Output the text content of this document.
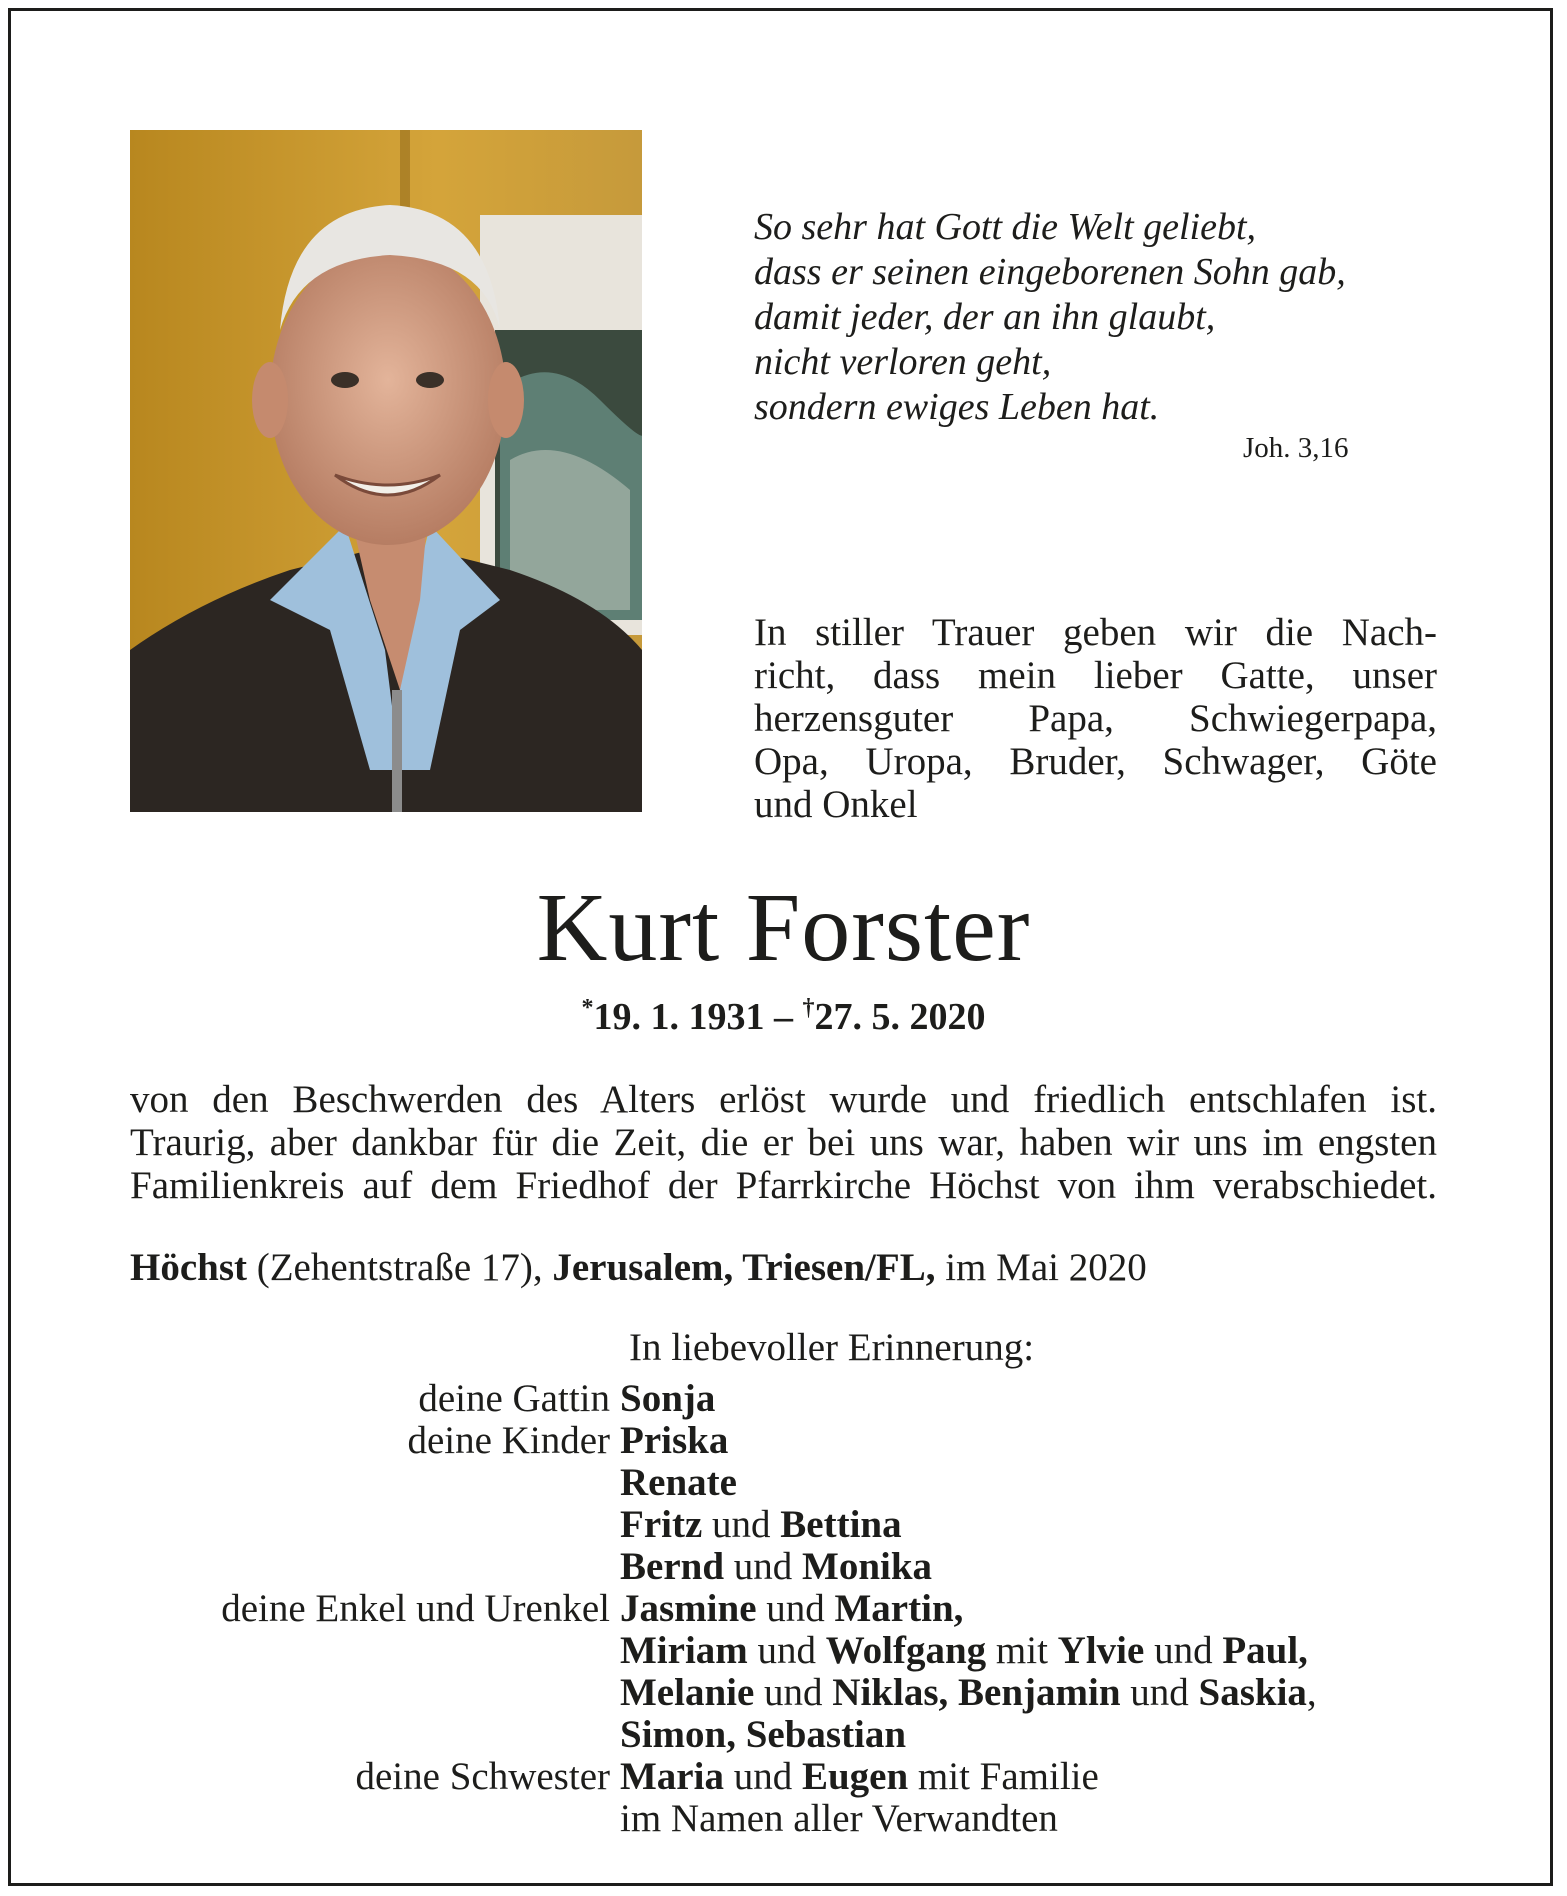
So sehr hat Gott die Welt geliebt,
dass er seinen eingeborenen Sohn gab,
damit jeder, der an ihn glaubt,
nicht verloren geht,
sondern ewiges Leben hat.
Joh. 3,16
In stiller Trauer geben wir die Nach-
richt, dass mein lieber Gatte, unser
herzensguter Papa, Schwiegerpapa,
Opa, Uropa, Bruder, Schwager, Göte
und Onkel
Kurt Forster
*19. 1. 1931 – †27. 5. 2020
von den Beschwerden des Alters erlöst wurde und friedlich entschlafen ist.
Traurig, aber dankbar für die Zeit, die er bei uns war, haben wir uns im engsten
Familienkreis auf dem Friedhof der Pfarrkirche Höchst von ihm verabschiedet.
Höchst (Zehentstraße 17), Jerusalem, Triesen/FL, im Mai 2020
In liebevoller Erinnerung:
deine Gattin Sonja
deine Kinder Priska
Renate
Fritz und Bettina
Bernd und Monika
deine Enkel und Urenkel Jasmine und Martin,
Miriam und Wolfgang mit Ylvie und Paul,
Melanie und Niklas, Benjamin und Saskia,
Simon, Sebastian
deine Schwester Maria und Eugen mit Familie
im Namen aller Verwandten
